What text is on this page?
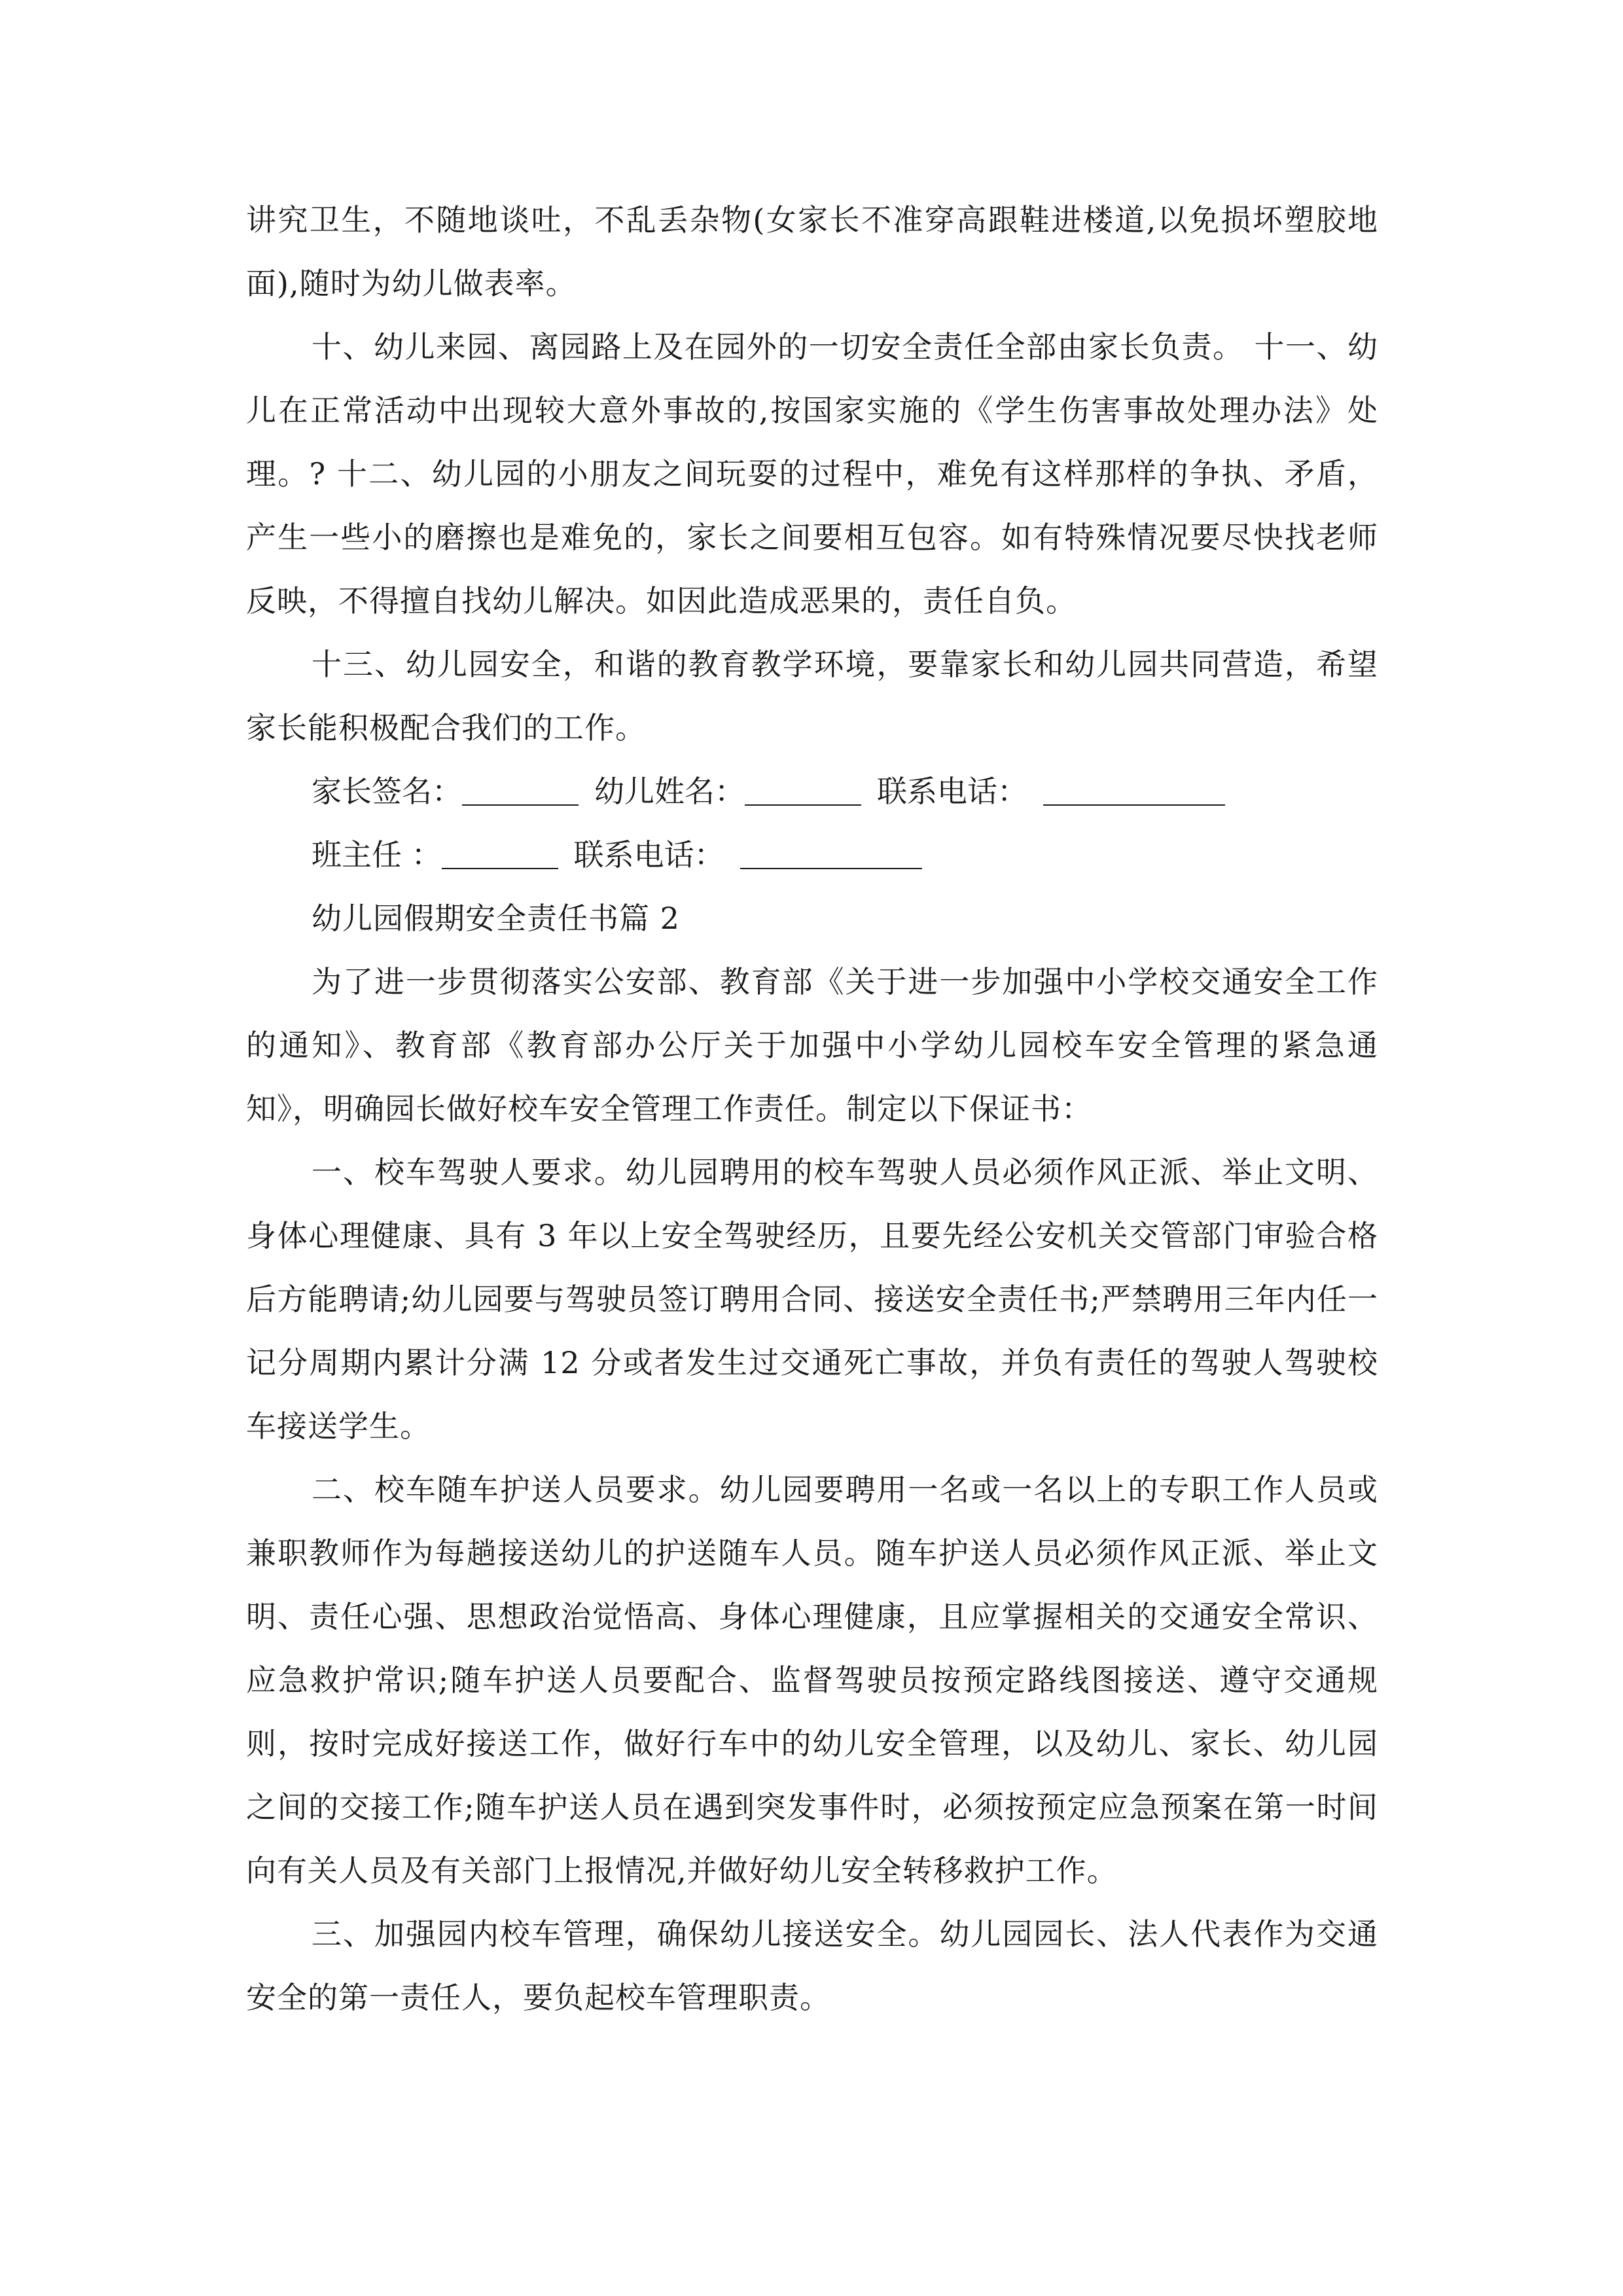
讲究卫生，不随地谈吐，不乱丢杂物(女家长不准穿高跟鞋进楼道,以免损坏塑胶地面),随时为幼儿做表率。

十、幼儿来园、离园路上及在园外的一切安全责任全部由家长负责。 十一、幼儿在正常活动中出现较大意外事故的,按国家实施的《学生伤害事故处理办法》处理。? 十二、幼儿园的小朋友之间玩耍的过程中，难免有这样那样的争执、矛盾，产生一些小的磨擦也是难免的，家长之间要相互包容。如有特殊情况要尽快找老师反映，不得擅自找幼儿解决。如因此造成恶果的，责任自负。

十三、幼儿园安全，和谐的教育教学环境，要靠家长和幼儿园共同营造，希望家长能积极配合我们的工作。

家长签名：	幼儿姓名：	联系电话：
班主任 ：	联系电话：

幼儿园假期安全责任书篇 2

为了进一步贯彻落实公安部、教育部《关于进一步加强中小学校交通安全工作的通知》、教育部《教育部办公厅关于加强中小学幼儿园校车安全管理的紧急通知》，明确园长做好校车安全管理工作责任。制定以下保证书：

一、校车驾驶人要求。幼儿园聘用的校车驾驶人员必须作风正派、举止文明、身体心理健康、具有 3 年以上安全驾驶经历，且要先经公安机关交管部门审验合格后方能聘请;幼儿园要与驾驶员签订聘用合同、接送安全责任书;严禁聘用三年内任一记分周期内累计分满 12 分或者发生过交通死亡事故，并负有责任的驾驶人驾驶校车接送学生。

二、校车随车护送人员要求。幼儿园要聘用一名或一名以上的专职工作人员或兼职教师作为每趟接送幼儿的护送随车人员。随车护送人员必须作风正派、举止文明、责任心强、思想政治觉悟高、身体心理健康，且应掌握相关的交通安全常识、应急救护常识;随车护送人员要配合、监督驾驶员按预定路线图接送、遵守交通规则，按时完成好接送工作，做好行车中的幼儿安全管理，以及幼儿、家长、幼儿园之间的交接工作;随车护送人员在遇到突发事件时，必须按预定应急预案在第一时间向有关人员及有关部门上报情况,并做好幼儿安全转移救护工作。

三、加强园内校车管理，确保幼儿接送安全。幼儿园园长、法人代表作为交通安全的第一责任人，要负起校车管理职责。
